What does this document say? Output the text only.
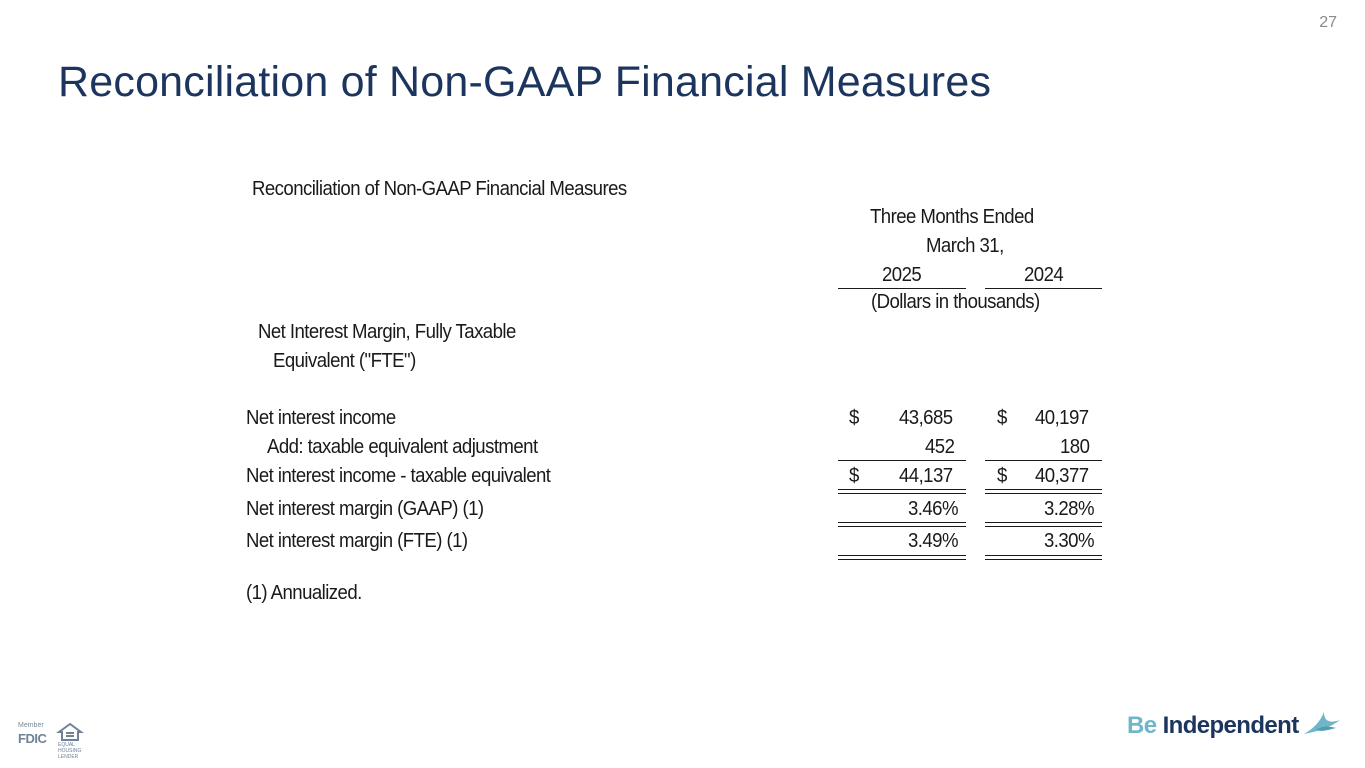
27
Reconciliation of Non-GAAP Financial Measures
Reconciliation of Non-GAAP Financial Measures
Three Months Ended
March 31,
2025	2024
(Dollars in thousands)
Net Interest Margin, Fully Taxable
Equivalent ("FTE")
Net interest income	$ 43,685 $ 40,197
Add: taxable equivalent adjustment	452	180
Net interest income - taxable equivalent	$ 44,137 $ 40,377
Net interest margin (GAAP) (1)	3.46%	3.28%
Net interest margin (FTE) (1)	3.49%	3.30%
(1) Annualized.
Member
FDIC EQUAL HOUSING LENDER
Be Independent
